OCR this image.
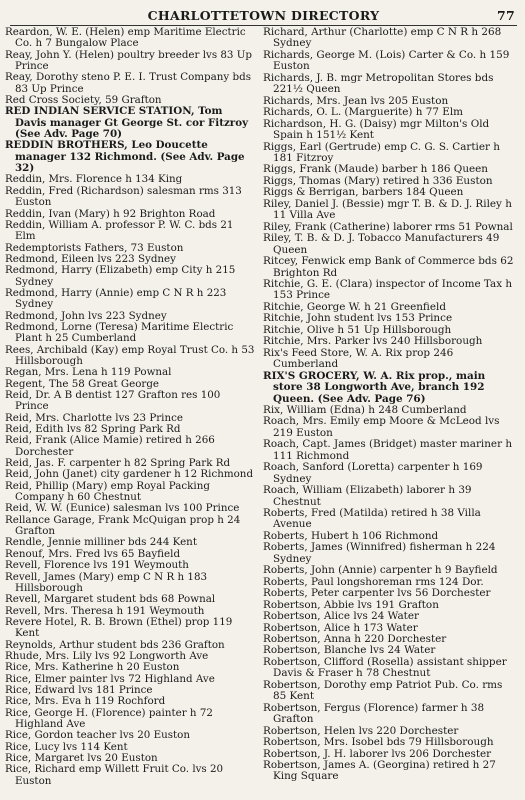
CHARLOTTETOWN DIRECTORY	77
Reardon, W. E. (Helen) emp Maritime Electric Co. h 7 Bungalow Place
Reay, John Y. (Helen) poultry breeder lvs 83 Up Prince
Reay, Dorothy steno P. E. I. Trust Company bds 83 Up Prince
Red Cross Society, 59 Grafton
RED INDIAN SERVICE STATION, Tom Davis manager Gt George St. cor Fitzroy (See Adv. Page 70)
REDDIN BROTHERS, Leo Doucette manager 132 Richmond. (See Adv. Page 32)
Reddin, Mrs. Florence h 134 King
Reddin, Fred (Richardson) salesman rms 313 Euston
Reddin, Ivan (Mary) h 92 Brighton Road
Reddin, William A. professor P. W. C. bds 21 Elm
Redemptorists Fathers, 73 Euston
Redmond, Eileen lvs 223 Sydney
Redmond, Harry (Elizabeth) emp City h 215 Sydney
Redmond, Harry (Annie) emp C N R h 223 Sydney
Redmond, John lvs 223 Sydney
Redmond, Lorne (Teresa) Maritime Electric Plant h 25 Cumberland
Rees, Archibald (Kay) emp Royal Trust Co. h 53 Hillsborough
Regan, Mrs. Lena h 119 Pownal
Regent, The 58 Great George
Reid, Dr. A B dentist 127 Grafton res 100 Prince
Reid, Mrs. Charlotte lvs 23 Prince
Reid, Edith lvs 82 Spring Park Rd
Reid, Frank (Alice Mamie) retired h 266 Dorchester
Reid, Jas. F. carpenter h 82 Spring Park Rd
Reid, John (Janet) city gardener h 12 Richmond
Reid, Phillip (Mary) emp Royal Packing Company h 60 Chestnut
Reid, W. W. (Eunice) salesman lvs 100 Prince
Rellance Garage, Frank McQuigan prop h 24 Grafton
Rendle, Jennie milliner bds 244 Kent
Renouf, Mrs. Fred lvs 65 Bayfield
Revell, Florence lvs 191 Weymouth
Revell, James (Mary) emp C N R h 183 Hillsborough
Revell, Margaret student bds 68 Pownal
Revell, Mrs. Theresa h 191 Weymouth
Revere Hotel, R. B. Brown (Ethel) prop 119 Kent
Reynolds, Arthur student bds 236 Grafton
Rhude, Mrs. Lily lvs 92 Longworth Ave
Rice, Mrs. Katherine h 20 Euston
Rice, Elmer painter lvs 72 Highland Ave
Rice, Edward lvs 181 Prince
Rice, Mrs. Eva h 119 Rochford
Rice, George H. (Florence) painter h 72 Highland Ave
Rice, Gordon teacher lvs 20 Euston
Rice, Lucy lvs 114 Kent
Rice, Margaret lvs 20 Euston
Rice, Richard emp Willett Fruit Co. lvs 20 Euston
Richard, Arthur (Charlotte) emp C N R h 268 Sydney
Richards, George M. (Lois) Carter & Co. h 159 Euston
Richards, J. B. mgr Metropolitan Stores bds 221½ Queen
Richards, Mrs. Jean lvs 205 Euston
Richards, O. L. (Marguerite) h 77 Elm
Richardson, H. G. (Daisy) mgr Milton's Old Spain h 151½ Kent
Riggs, Earl (Gertrude) emp C. G. S. Cartier h 181 Fitzroy
Riggs, Frank (Maude) barber h 186 Queen
Riggs, Thomas (Mary) retired h 336 Euston
Riggs & Berrigan, barbers 184 Queen
Riley, Daniel J. (Bessie) mgr T. B. & D. J. Riley h 11 Villa Ave
Riley, Frank (Catherine) laborer rms 51 Pownal
Riley, T. B. & D. J. Tobacco Manufacturers 49 Queen
Ritcey, Fenwick emp Bank of Commerce bds 62 Brighton Rd
Ritchie, G. E. (Clara) inspector of Income Tax h 153 Prince
Ritchie, George W. h 21 Greenfield
Ritchie, John student lvs 153 Prince
Ritchie, Olive h 51 Up Hillsborough
Ritchie, Mrs. Parker lvs 240 Hillsborough
Rix's Feed Store, W. A. Rix prop 246 Cumberland
RIX'S GROCERY, W. A. Rix prop., main store 38 Longworth Ave, branch 192 Queen. (See Adv. Page 76)
Rix, William (Edna) h 248 Cumberland
Roach, Mrs. Emily emp Moore & McLeod lvs 219 Euston
Roach, Capt. James (Bridget) master mariner h 111 Richmond
Roach, Sanford (Loretta) carpenter h 169 Sydney
Roach, William (Elizabeth) laborer h 39 Chestnut
Roberts, Fred (Matilda) retired h 38 Villa Avenue
Roberts, Hubert h 106 Richmond
Roberts, James (Winnifred) fisherman h 224 Sydney
Roberts, John (Annie) carpenter h 9 Bayfield
Roberts, Paul longshoreman rms 124 Dor.
Roberts, Peter carpenter lvs 56 Dorchester
Robertson, Abbie lvs 191 Grafton
Robertson, Alice lvs 24 Water
Robertson, Alice h 173 Water
Robertson, Anna h 220 Dorchester
Robertson, Blanche lvs 24 Water
Robertson, Clifford (Rosella) assistant shipper Davis & Fraser h 78 Chestnut
Robertson, Dorothy emp Patriot Pub. Co. rms 85 Kent
Robertson, Fergus (Florence) farmer h 38 Grafton
Robertson, Helen lvs 220 Dorchester
Robertson, Mrs. Isobel bds 79 Hillsborough
Robertson, J. H. laborer lvs 206 Dorchester
Robertson, James A. (Georgina) retired h 27 King Square
